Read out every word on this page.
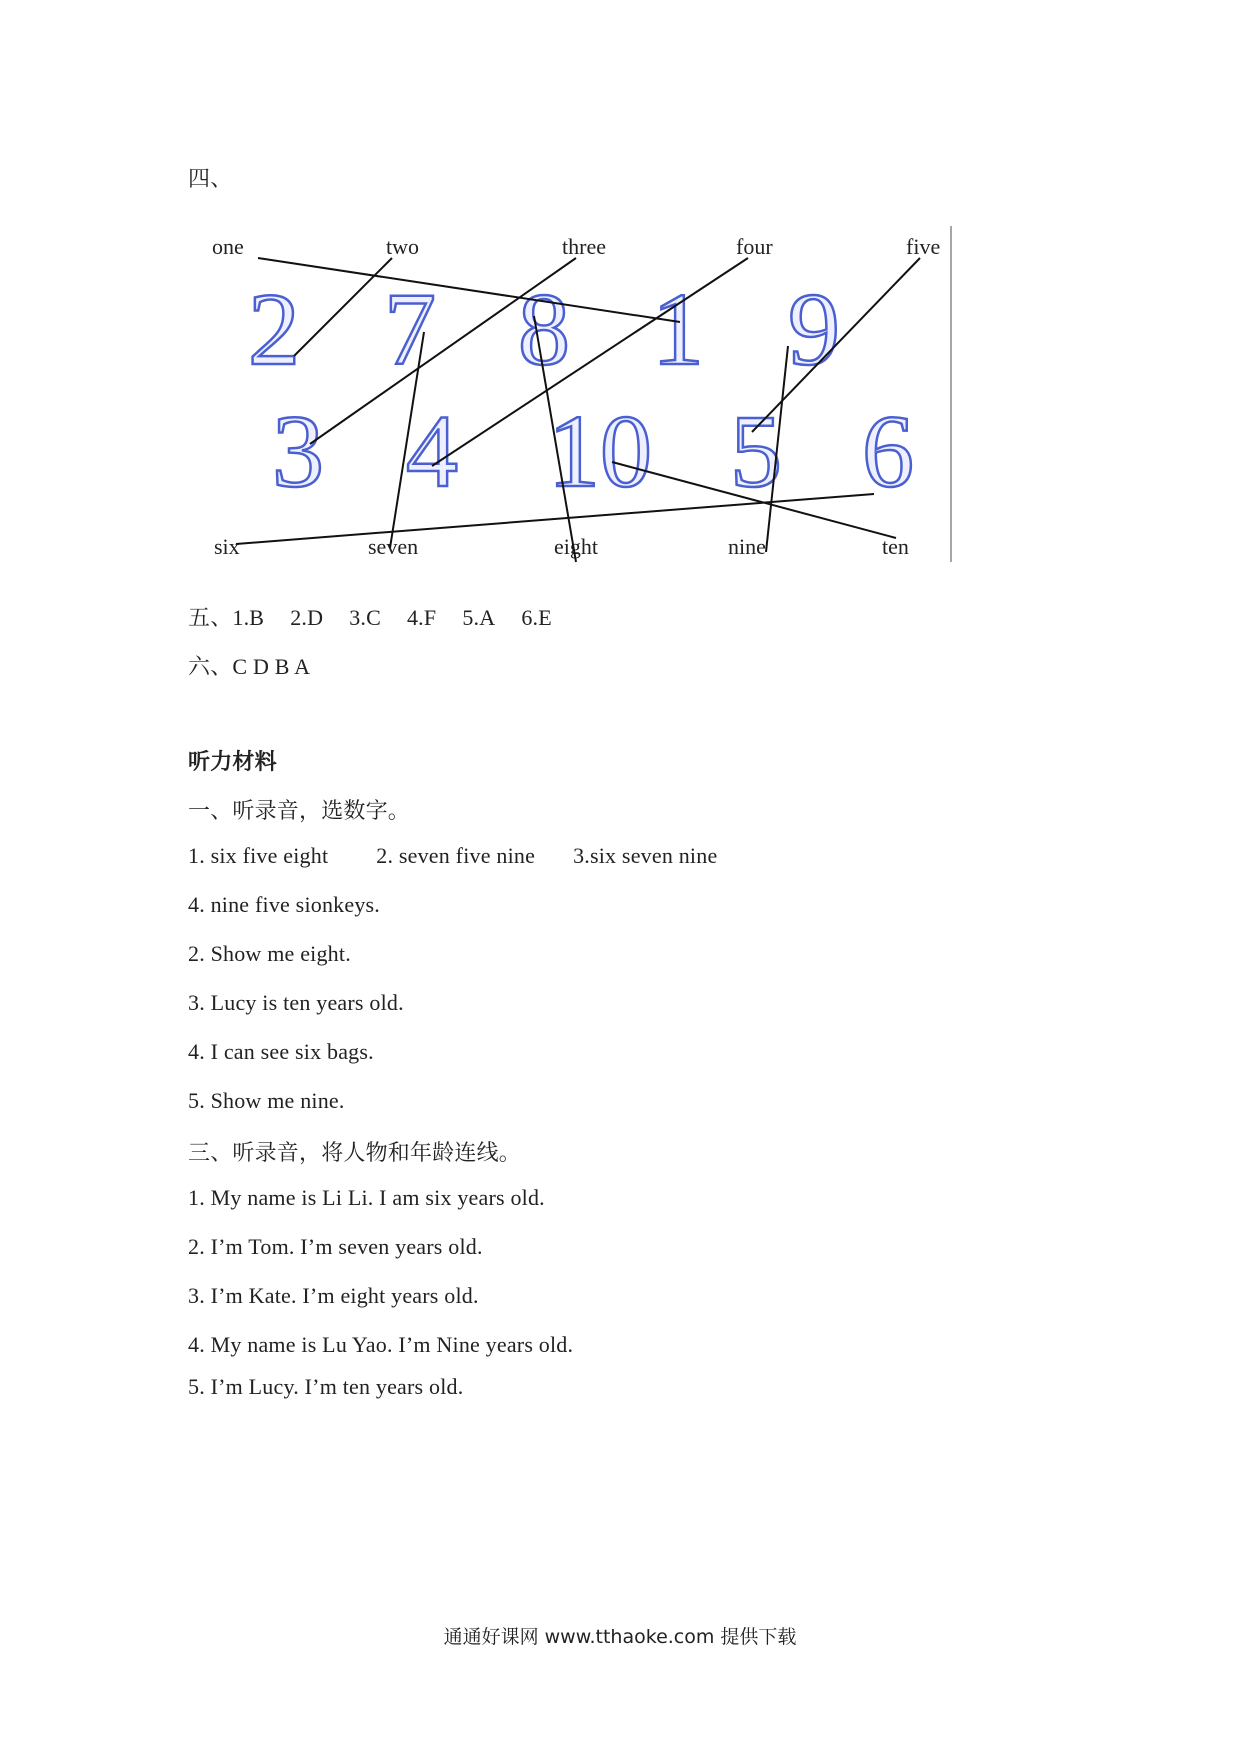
四、
one	two	three	four	five
six	seven	eight	nine	ten
2 7 8 1 9
3 4 10 5 6
五、1.B 2.D 3.C 4.F 5.A 6.E
六、C D B A
听力材料
一、听录音，选数字。
1. six five eight 2. seven five nine 3.six seven nine
4. nine five sionkeys.
2. Show me eight.
3. Lucy is ten years old.
4. I can see six bags.
5. Show me nine.
三、听录音，将人物和年龄连线。
1. My name is Li Li. I am six years old.
2. I’m Tom. I’m seven years old.
3. I’m Kate. I’m eight years old.
4. My name is Lu Yao. I’m Nine years old.
5. I’m Lucy. I’m ten years old.
通通好课网 www.tthaoke.com 提供下载
